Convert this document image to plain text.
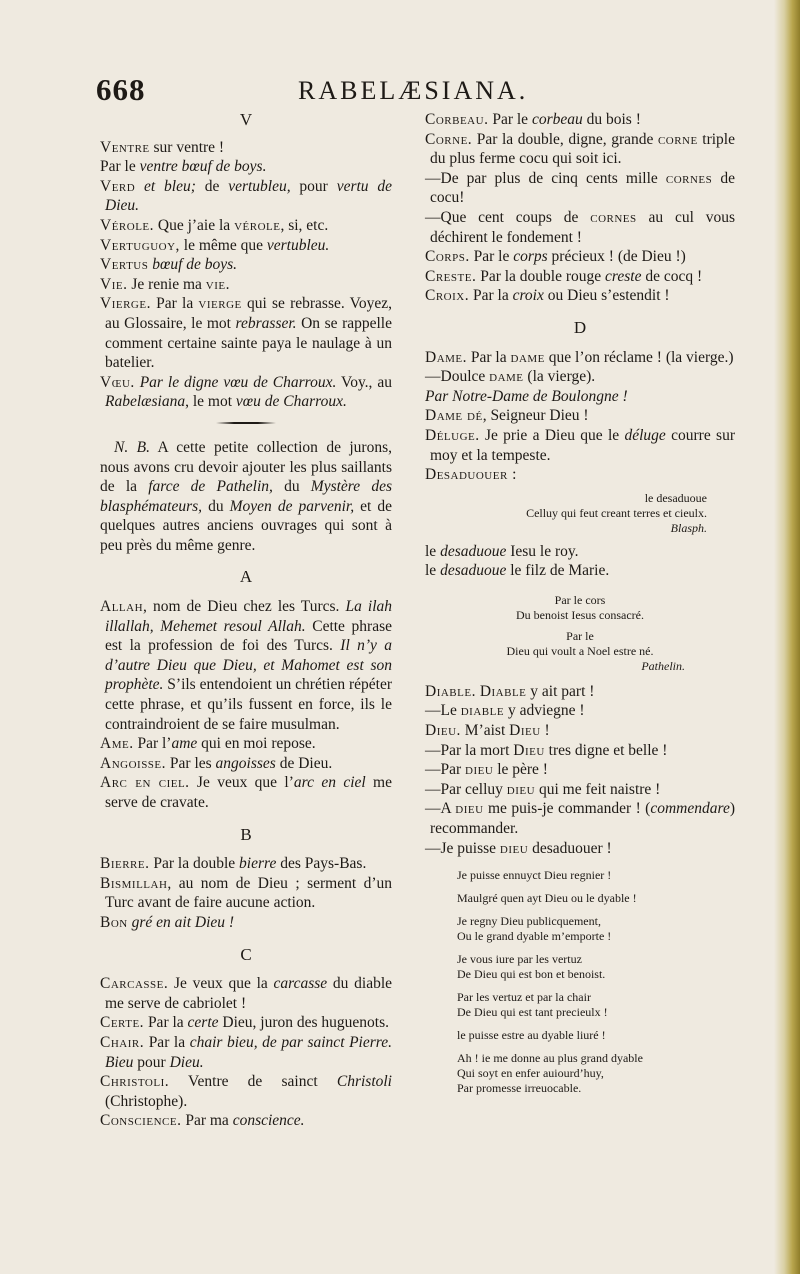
668	RABELÆSIANA.
V

Ventre sur ventre !

Par le ventre bœuf de boys.

Verd et bleu; de vertubleu, pour vertu de Dieu.

Vérole. Que j’aie la vérole, si, etc.

Vertuguoy, le même que vertubleu.

Vertus bœuf de boys.

Vie. Je renie ma vie.

Vierge. Par la vierge qui se rebrasse. Voyez, au Glossaire, le mot rebrasser. On se rappelle comment certaine sainte paya le naulage à un batelier.

Vœu. Par le digne vœu de Charroux. Voy., au Rabelæsiana, le mot vœu de Charroux.

N. B. A cette petite collection de jurons, nous avons cru devoir ajouter les plus saillants de la farce de Pathelin, du Mystère des blasphémateurs, du Moyen de parvenir, et de quelques autres anciens ouvrages qui sont à peu près du même genre.

A

Allah, nom de Dieu chez les Turcs. La ilah illallah, Mehemet resoul Allah. Cette phrase est la profession de foi des Turcs. Il n’y a d’autre Dieu que Dieu, et Mahomet est son prophète. S’ils entendoient un chrétien répéter cette phrase, et qu’ils fussent en force, ils le contraindroient de se faire musulman.

Ame. Par l’ame qui en moi repose.

Angoisse. Par les angoisses de Dieu.

Arc en ciel. Je veux que l’arc en ciel me serve de cravate.

B

Bierre. Par la double bierre des Pays-Bas.

Bismillah, au nom de Dieu ; serment d’un Turc avant de faire aucune action.

Bon gré en ait Dieu !

C

Carcasse. Je veux que la carcasse du diable me serve de cabriolet !

Certe. Par la certe Dieu, juron des huguenots.

Chair. Par la chair bieu, de par sainct Pierre. Bieu pour Dieu.

Christoli. Ventre de sainct Christoli (Christophe).

Conscience. Par ma conscience.

Corbeau. Par le corbeau du bois !

Corne. Par la double, digne, grande corne triple du plus ferme cocu qui soit ici.

—De par plus de cinq cents mille cornes de cocu!

—Que cent coups de cornes au cul vous déchirent le fondement !

Corps. Par le corps précieux ! (de Dieu !)

Creste. Par la double rouge creste de cocq !

Croix. Par la croix ou Dieu s’estendit !

D

Dame. Par la dame que l’on réclame ! (la vierge.)

—Doulce dame (la vierge).

Par Notre-Dame de Boulongne !

Dame dé, Seigneur Dieu !

Déluge. Je prie a Dieu que le déluge courre sur moy et la tempeste.

Desaduouer :

le desaduoue
Celluy qui feut creant terres et cieulx.
Blasph.

le desaduoue Iesu le roy.

le desaduoue le filz de Marie.

Par le cors
Du benoist Iesus consacré.
Par le
Dieu qui voult a Noel estre né.
Pathelin.

Diable. Diable y ait part !

—Le diable y adviegne !

Dieu. M’aist Dieu !

—Par la mort Dieu tres digne et belle !

—Par dieu le père !

—Par celluy dieu qui me feit naistre !

—A dieu me puis-je commander ! (commendare) recommander.

—Je puisse dieu desaduouer !

Je puisse ennuyct Dieu regnier !
Maulgré quen ayt Dieu ou le dyable !
Je regny Dieu publicquement,
Ou le grand dyable m’emporte !
Je vous iure par les vertuz
De Dieu qui est bon et benoist.
Par les vertuz et par la chair
De Dieu qui est tant precieulx !
le puisse estre au dyable liuré !
Ah ! ie me donne au plus grand dyable
Qui soyt en enfer auiourd’huy,
Par promesse irreuocable.
